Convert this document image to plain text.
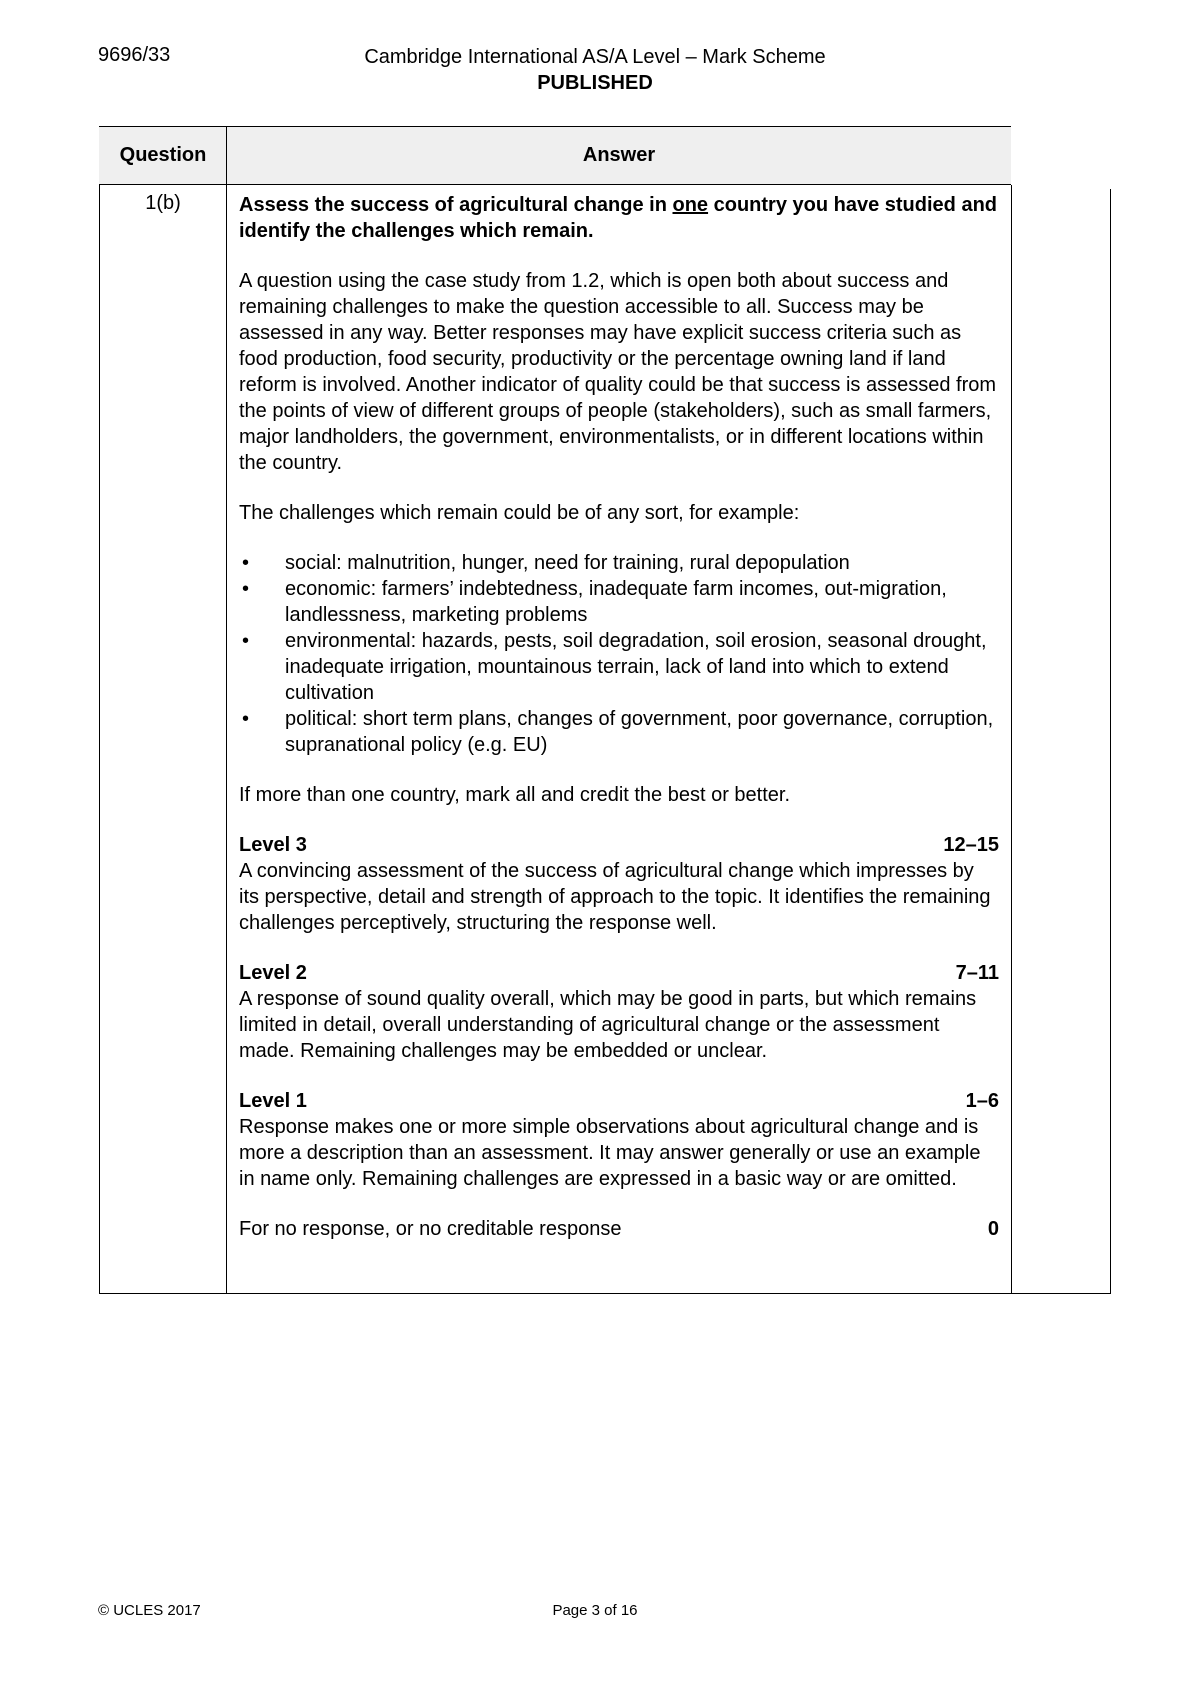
9696/33	Cambridge International AS/A Level – Mark Scheme
PUBLISHED
Question	Answer
1(b)	Assess the success of agricultural change in one country you have studied and identify the challenges which remain.

A question using the case study from 1.2, which is open both about success and remaining challenges to make the question accessible to all. Success may be assessed in any way. Better responses may have explicit success criteria such as food production, food security, productivity or the percentage owning land if land reform is involved. Another indicator of quality could be that success is assessed from the points of view of different groups of people (stakeholders), such as small farmers, major landholders, the government, environmentalists, or in different locations within the country.

The challenges which remain could be of any sort, for example:

• social: malnutrition, hunger, need for training, rural depopulation
• economic: farmers’ indebtedness, inadequate farm incomes, out-migration, landlessness, marketing problems
• environmental: hazards, pests, soil degradation, soil erosion, seasonal drought, inadequate irrigation, mountainous terrain, lack of land into which to extend cultivation
• political: short term plans, changes of government, poor governance, corruption, supranational policy (e.g. EU)

If more than one country, mark all and credit the best or better.

Level 3	12–15
A convincing assessment of the success of agricultural change which impresses by its perspective, detail and strength of approach to the topic. It identifies the remaining challenges perceptively, structuring the response well.
Level 2	7–11
A response of sound quality overall, which may be good in parts, but which remains limited in detail, overall understanding of agricultural change or the assessment made. Remaining challenges may be embedded or unclear.
Level 1	1–6
Response makes one or more simple observations about agricultural change and is more a description than an assessment. It may answer generally or use an example in name only. Remaining challenges are expressed in a basic way or are omitted.
For no response, or no creditable response	0
© UCLES 2017	Page 3 of 16
